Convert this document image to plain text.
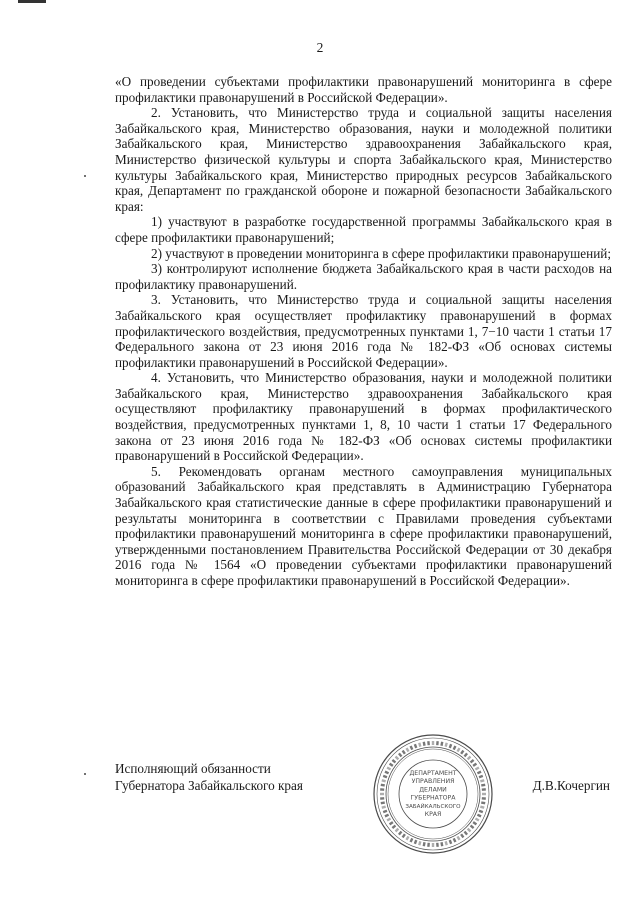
2

«О проведении субъектами профилактики правонарушений мониторинга в сфере профилактики правонарушений в Российской Федерации».

2. Установить, что Министерство труда и социальной защиты населения Забайкальского края, Министерство образования, науки и молодежной политики Забайкальского края, Министерство здравоохранения Забайкальского края, Министерство физической культуры и спорта Забайкальского края, Министерство культуры Забайкальского края, Министерство природных ресурсов Забайкальского края, Департамент по гражданской обороне и пожарной безопасности Забайкальского края:

1) участвуют в разработке государственной программы Забайкальского края в сфере профилактики правонарушений;

2) участвуют в проведении мониторинга в сфере профилактики правонарушений;

3) контролируют исполнение бюджета Забайкальского края в части расходов на профилактику правонарушений.

3. Установить, что Министерство труда и социальной защиты населения Забайкальского края осуществляет профилактику правонарушений в формах профилактического воздействия, предусмотренных пунктами 1, 7−10 части 1 статьи 17 Федерального закона от 23 июня 2016 года № 182-ФЗ «Об основах системы профилактики правонарушений в Российской Федерации».

4. Установить, что Министерство образования, науки и молодежной политики Забайкальского края, Министерство здравоохранения Забайкальского края осуществляют профилактику правонарушений в формах профилактического воздействия, предусмотренных пунктами 1, 8, 10 части 1 статьи 17 Федерального закона от 23 июня 2016 года № 182-ФЗ «Об основах системы профилактики правонарушений в Российской Федерации».

5. Рекомендовать органам местного самоуправления муниципальных образований Забайкальского края представлять в Администрацию Губернатора Забайкальского края статистические данные в сфере профилактики правонарушений и результаты мониторинга в соответствии с Правилами проведения субъектами профилактики правонарушений мониторинга в сфере профилактики правонарушений, утвержденными постановлением Правительства Российской Федерации от 30 декабря 2016 года № 1564 «О проведении субъектами профилактики правонарушений мониторинга в сфере профилактики правонарушений в Российской Федерации».

Исполняющий обязанности
Губернатора Забайкальского края	Д.В.Кочергин
ДЕПАРТАМЕНТ
УПРАВЛЕНИЯ
ДЕЛАМИ
ГУБЕРНАТОРА
ЗАБАЙКАЛЬСКОГО
КРАЯ
